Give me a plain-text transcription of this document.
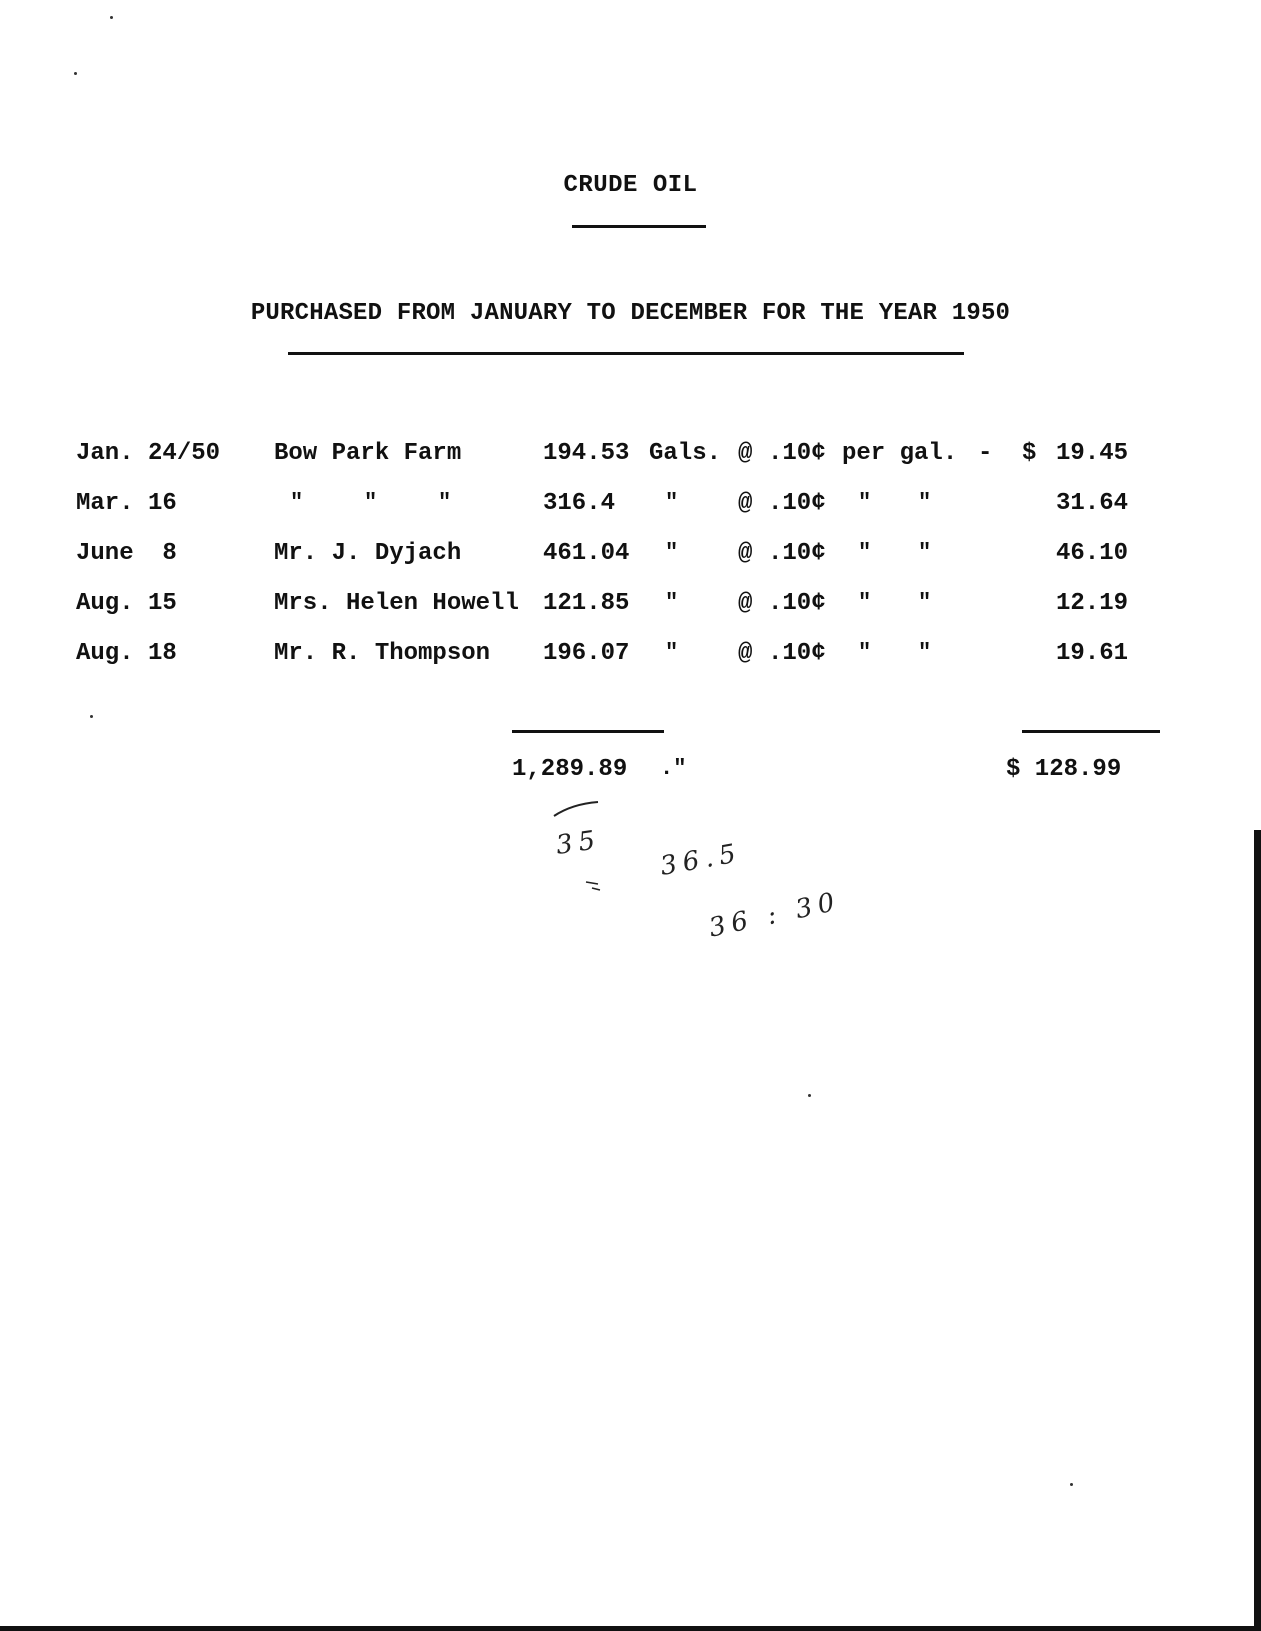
CRUDE OIL
PURCHASED FROM JANUARY TO DECEMBER FOR THE YEAR 1950
Jan. 24/50 Bow Park Farm	194.53 Gals. @ .10¢ per gal. - $ 19.45
Mar. 16	"	"	"	316.4 " @ .10¢ " "	31.64
June  8	Mr. J. Dyjach	461.04 " @ .10¢ " "	46.10
Aug. 15	Mrs. Helen Howell 121.85 " @ .10¢ " "	12.19
Aug. 18	Mr. R. Thompson 196.07 " @ .10¢ " "	19.61
1,289.89 ."	$ 128.99
35 36.5
36 : 30
